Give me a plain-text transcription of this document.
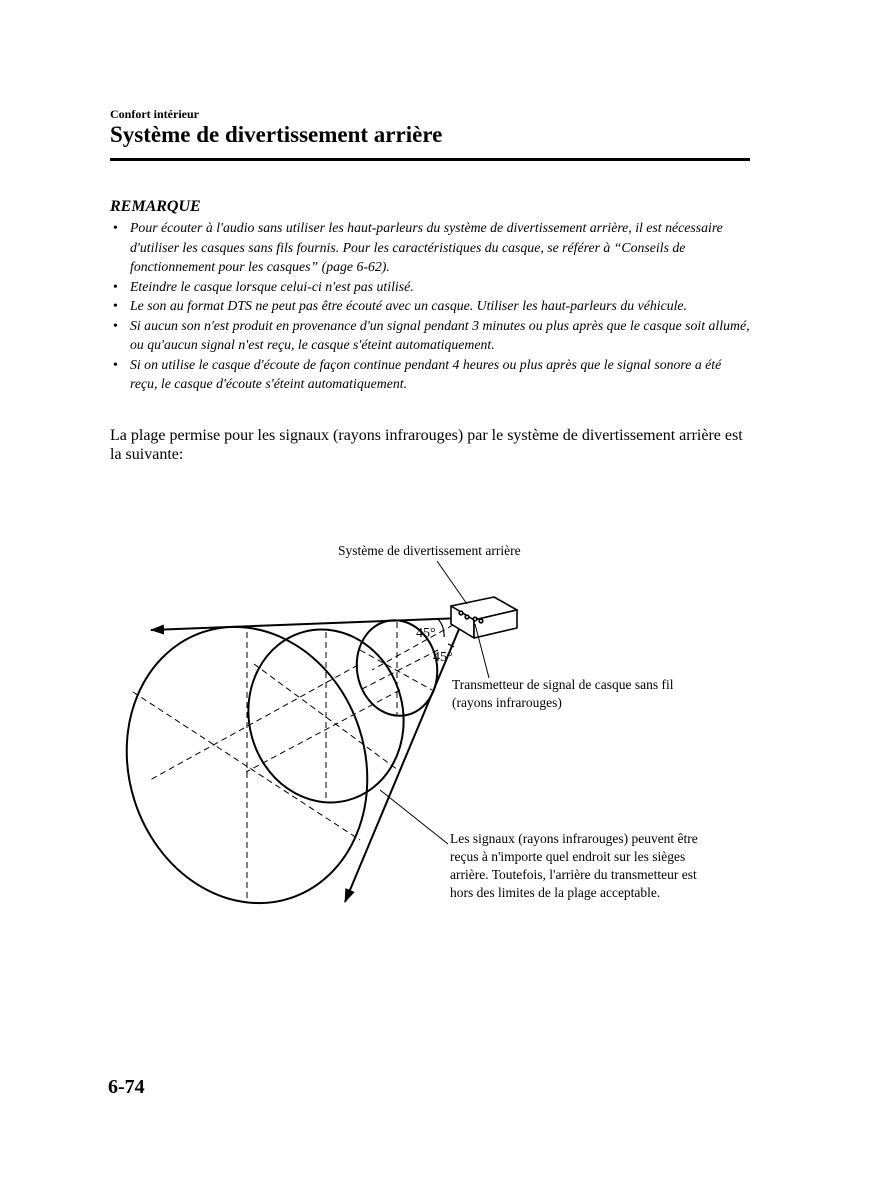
Confort intérieur
Système de divertissement arrière
REMARQUE
• Pour écouter à l'audio sans utiliser les haut-parleurs du système de divertissement arrière, il est nécessaire d'utiliser les casques sans fils fournis. Pour les caractéristiques du casque, se référer à “Conseils de fonctionnement pour les casques” (page 6-62).
• Eteindre le casque lorsque celui-ci n'est pas utilisé.
• Le son au format DTS ne peut pas être écouté avec un casque. Utiliser les haut-parleurs du véhicule.
• Si aucun son n'est produit en provenance d'un signal pendant 3 minutes ou plus après que le casque soit allumé, ou qu'aucun signal n'est reçu, le casque s'éteint automatiquement.
• Si on utilise le casque d'écoute de façon continue pendant 4 heures ou plus après que le signal sonore a été reçu, le casque d'écoute s'éteint automatiquement.

La plage permise pour les signaux (rayons infrarouges) par le système de divertissement arrière est la suivante:

45°
45°
Système de divertissement arrière
Transmetteur de signal de casque sans fil
(rayons infrarouges)
Les signaux (rayons infrarouges) peuvent être
reçus à n'importe quel endroit sur les sièges
arrière. Toutefois, l'arrière du transmetteur est
hors des limites de la plage acceptable.
6-74
